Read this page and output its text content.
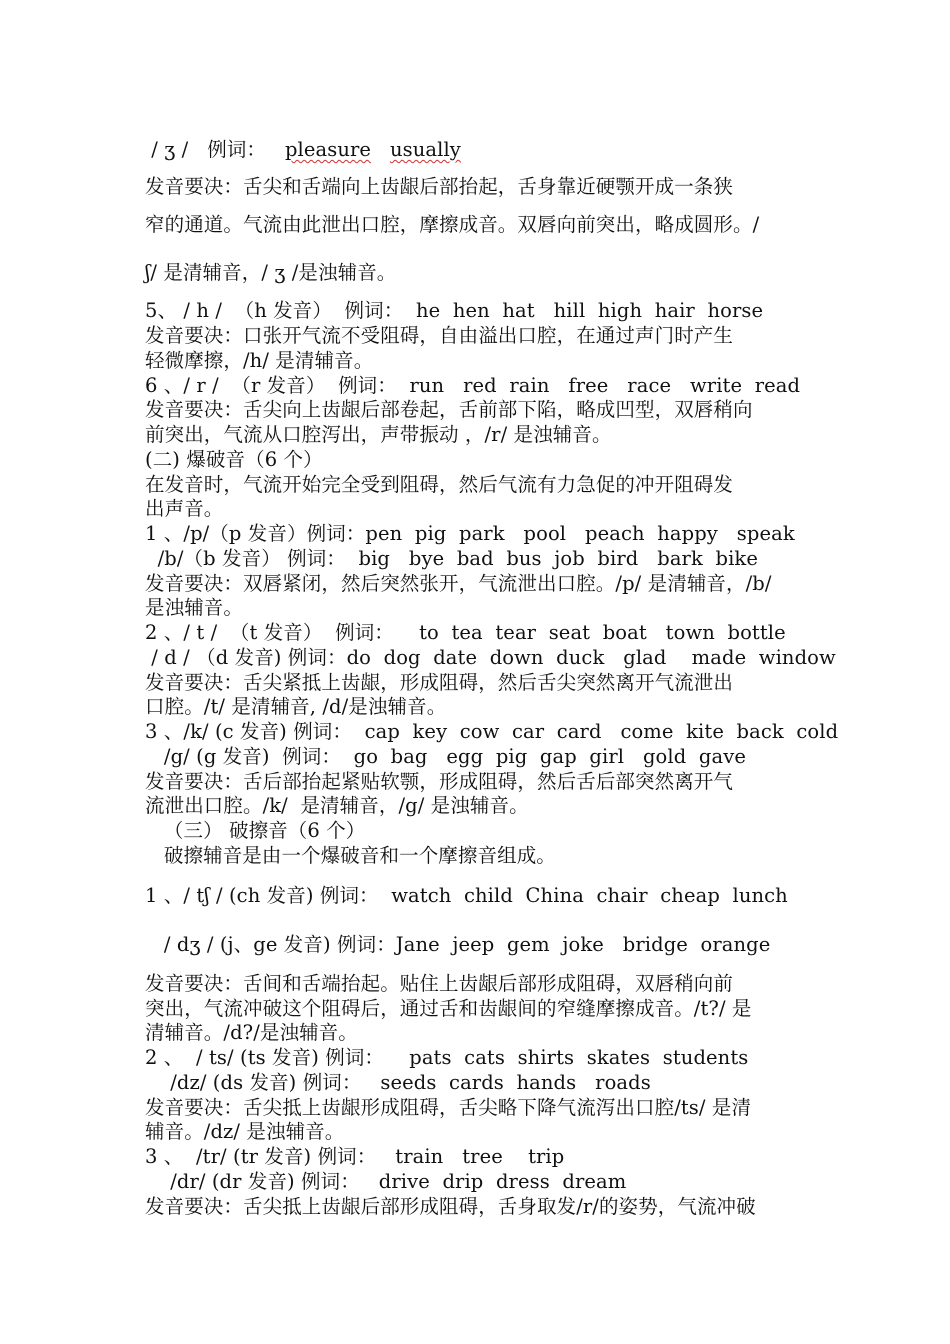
/ ʒ /   例词：   pleasure usually
发音要决：舌尖和舌端向上齿龈后部抬起，舌身靠近硬颚开成一条狭
窄的通道。气流由此泄出口腔，摩擦成音。双唇向前突出，略成圆形。/
ʃ/ 是清辅音，/ ʒ /是浊辅音。
5、 / h /  （h 发音）  例词：  he  hen  hat   hill  high  hair  horse
发音要决：口张开气流不受阻碍，自由溢出口腔，在通过声门时产生
轻微摩擦，/h/ 是清辅音。
6 、/ r /  （r 发音）  例词：  run   red  rain   free   race   write  read
发音要决：舌尖向上齿龈后部卷起，舌前部下陷，略成凹型，双唇稍向
前突出，气流从口腔泻出，声带振动 ，/r/ 是浊辅音。
(二) 爆破音（6 个）
在发音时，气流开始完全受到阻碍，然后气流有力急促的冲开阻碍发
出声音。
1 、/p/（p 发音）例词：pen  pig  park   pool   peach  happy   speak
/b/（b 发音） 例词：  big   bye  bad  bus  job  bird   bark  bike
发音要决：双唇紧闭，然后突然张开，气流泄出口腔。/p/ 是清辅音，/b/
是浊辅音。
2 、/ t /  （t 发音）  例词：    to  tea  tear  seat  boat   town  bottle
/ d / （d 发音) 例词：do  dog  date  down  duck   glad    made  window
发音要决：舌尖紧抵上齿龈，形成阻碍，然后舌尖突然离开气流泄出
口腔。/t/ 是清辅音, /d/是浊辅音。
3 、/k/ (c 发音) 例词：  cap  key  cow  car  card   come  kite  back  cold
/g/ (g 发音)  例词：  go  bag   egg  pig  gap  girl   gold  gave
发音要决：舌后部抬起紧贴软颚，形成阻碍，然后舌后部突然离开气
流泄出口腔。/k/  是清辅音，/g/ 是浊辅音。
（三） 破擦音（6 个）
破擦辅音是由一个爆破音和一个摩擦音组成。
1 、/ tʃ / (ch 发音) 例词：  watch  child  China  chair  cheap  lunch
/ dʒ / (j、ge 发音) 例词：Jane  jeep  gem  joke   bridge  orange
发音要决：舌间和舌端抬起。贴住上齿龈后部形成阻碍，双唇稍向前
突出，气流冲破这个阻碍后，通过舌和齿龈间的窄缝摩擦成音。/t?/ 是
清辅音。/d?/是浊辅音。
2 、  / ts/ (ts 发音) 例词：    pats  cats  shirts  skates  students
/dz/ (ds 发音) 例词：   seeds  cards  hands   roads
发音要决：舌尖抵上齿龈形成阻碍，舌尖略下降气流泻出口腔/ts/ 是清
辅音。/dz/ 是浊辅音。
3 、  /tr/ (tr 发音) 例词：   train   tree    trip
/dr/ (dr 发音) 例词：   drive  drip  dress  dream
发音要决：舌尖抵上齿龈后部形成阻碍，舌身取发/r/的姿势，气流冲破
